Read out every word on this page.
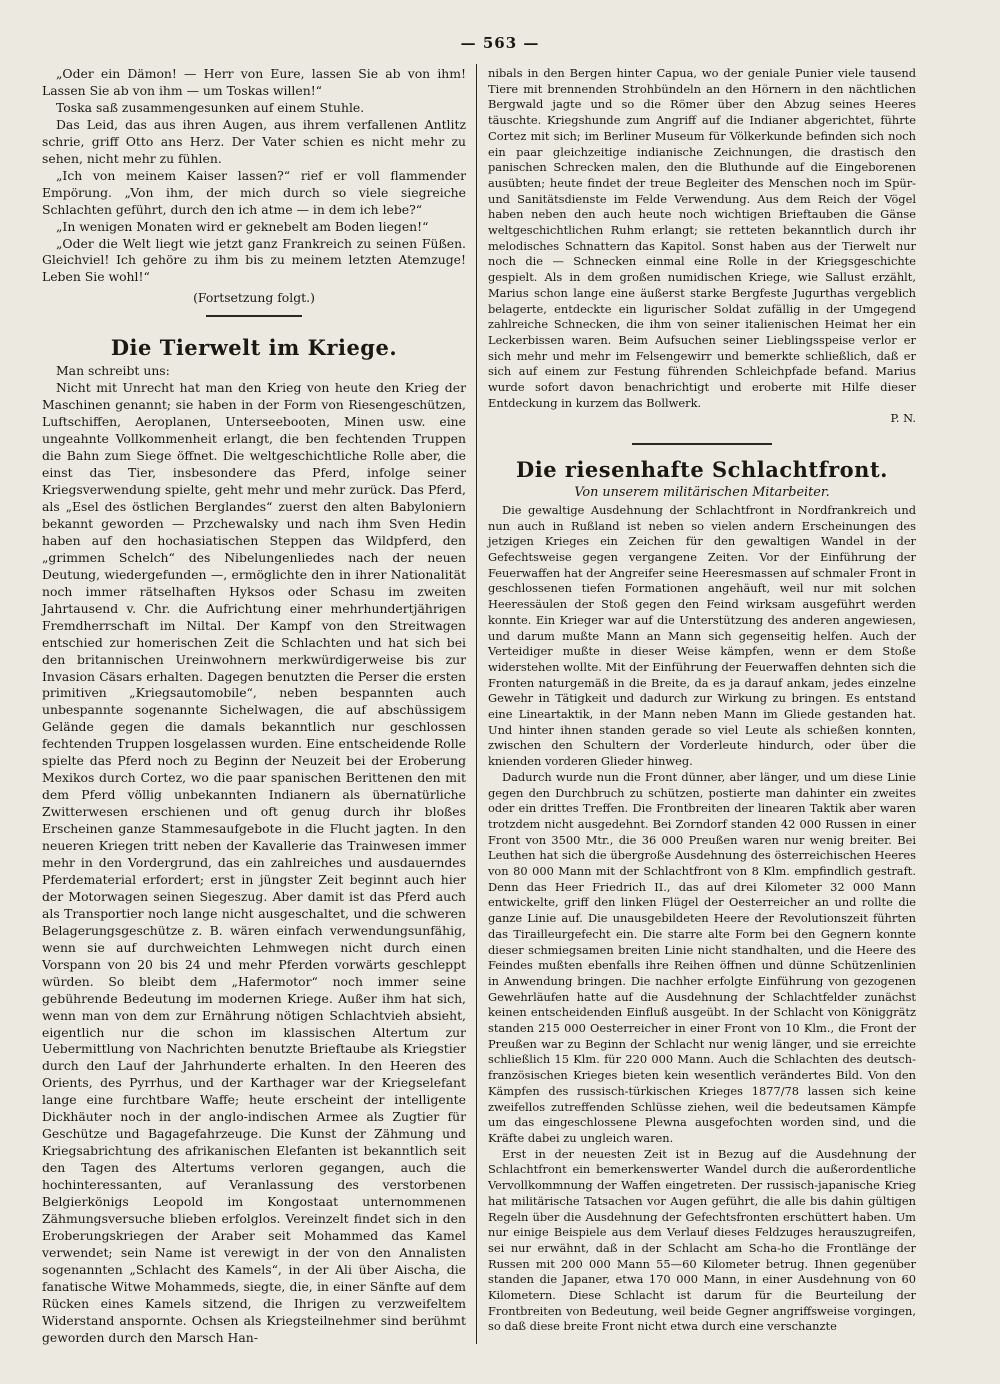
— 563 —

„Oder ein Dämon! — Herr von Eure, lassen Sie ab von ihm! Lassen Sie ab von ihm — um Toskas willen!“

Toska saß zusammengesunken auf einem Stuhle.

Das Leid, das aus ihren Augen, aus ihrem verfallenen Antlitz schrie, griff Otto ans Herz. Der Vater schien es nicht mehr zu sehen, nicht mehr zu fühlen.

„Ich von meinem Kaiser lassen?“ rief er voll flammender Empörung. „Von ihm, der mich durch so viele siegreiche Schlachten geführt, durch den ich atme — in dem ich lebe?“

„In wenigen Monaten wird er geknebelt am Boden liegen!“

„Oder die Welt liegt wie jetzt ganz Frankreich zu seinen Füßen. Gleichviel! Ich gehöre zu ihm bis zu meinem letzten Atemzuge! Leben Sie wohl!“

(Fortsetzung folgt.)

Die Tierwelt im Kriege.

Man schreibt uns:

Nicht mit Unrecht hat man den Krieg von heute den Krieg der Maschinen genannt; sie haben in der Form von Riesengeschützen, Luftschiffen, Aeroplanen, Unterseebooten, Minen usw. eine ungeahnte Vollkommenheit erlangt, die ben fechtenden Truppen die Bahn zum Siege öffnet. Die weltgeschichtliche Rolle aber, die einst das Tier, insbesondere das Pferd, infolge seiner Kriegsverwendung spielte, geht mehr und mehr zurück. Das Pferd, als „Esel des östlichen Berglandes“ zuerst den alten Babyloniern bekannt geworden — Przchewalsky und nach ihm Sven Hedin haben auf den hochasiatischen Steppen das Wildpferd, den „grimmen Schelch“ des Nibelungenliedes nach der neuen Deutung, wiedergefunden —, ermöglichte den in ihrer Nationalität noch immer rätselhaften Hyksos oder Schasu im zweiten Jahrtausend v. Chr. die Aufrichtung einer mehrhundertjährigen Fremdherrschaft im Niltal. Der Kampf von den Streitwagen entschied zur homerischen Zeit die Schlachten und hat sich bei den britannischen Ureinwohnern merkwürdigerweise bis zur Invasion Cäsars erhalten. Dagegen benutzten die Perser die ersten primitiven „Kriegsautomobile“, neben bespannten auch unbespannte sogenannte Sichelwagen, die auf abschüssigem Gelände gegen die damals bekanntlich nur geschlossen fechtenden Truppen losgelassen wurden. Eine entscheidende Rolle spielte das Pferd noch zu Beginn der Neuzeit bei der Eroberung Mexikos durch Cortez, wo die paar spanischen Berittenen den mit dem Pferd völlig unbekannten Indianern als übernatürliche Zwitterwesen erschienen und oft genug durch ihr bloßes Erscheinen ganze Stammesaufgebote in die Flucht jagten. In den neueren Kriegen tritt neben der Kavallerie das Trainwesen immer mehr in den Vordergrund, das ein zahlreiches und ausdauerndes Pferdematerial erfordert; erst in jüngster Zeit beginnt auch hier der Motorwagen seinen Siegeszug. Aber damit ist das Pferd auch als Transportier noch lange nicht ausgeschaltet, und die schweren Belagerungsgeschütze z. B. wären einfach verwendungsunfähig, wenn sie auf durchweichten Lehmwegen nicht durch einen Vorspann von 20 bis 24 und mehr Pferden vorwärts geschleppt würden. So bleibt dem „Hafermotor“ noch immer seine gebührende Bedeutung im modernen Kriege. Außer ihm hat sich, wenn man von dem zur Ernährung nötigen Schlachtvieh absieht, eigentlich nur die schon im klassischen Altertum zur Uebermittlung von Nachrichten benutzte Brieftaube als Kriegstier durch den Lauf der Jahrhunderte erhalten. In den Heeren des Orients, des Pyrrhus, und der Karthager war der Kriegselefant lange eine furchtbare Waffe; heute erscheint der intelligente Dickhäuter noch in der anglo-indischen Armee als Zugtier für Geschütze und Bagagefahrzeuge. Die Kunst der Zähmung und Kriegsabrichtung des afrikanischen Elefanten ist bekanntlich seit den Tagen des Altertums verloren gegangen, auch die hochinteressanten, auf Veranlassung des verstorbenen Belgierkönigs Leopold im Kongostaat unternommenen Zähmungsversuche blieben erfolglos. Vereinzelt findet sich in den Eroberungskriegen der Araber seit Mohammed das Kamel verwendet; sein Name ist verewigt in der von den Annalisten sogenannten „Schlacht des Kamels“, in der Ali über Aischa, die fanatische Witwe Mohammeds, siegte, die, in einer Sänfte auf dem Rücken eines Kamels sitzend, die Ihrigen zu verzweifeltem Widerstand anspornte. Ochsen als Kriegsteilnehmer sind berühmt geworden durch den Marsch Han-

nibals in den Bergen hinter Capua, wo der geniale Punier viele tausend Tiere mit brennenden Strohbündeln an den Hörnern in den nächtlichen Bergwald jagte und so die Römer über den Abzug seines Heeres täuschte. Kriegshunde zum Angriff auf die Indianer abgerichtet, führte Cortez mit sich; im Berliner Museum für Völkerkunde befinden sich noch ein paar gleichzeitige indianische Zeichnungen, die drastisch den panischen Schrecken malen, den die Bluthunde auf die Eingeborenen ausübten; heute findet der treue Begleiter des Menschen noch im Spür- und Sanitätsdienste im Felde Verwendung. Aus dem Reich der Vögel haben neben den auch heute noch wichtigen Brieftauben die Gänse weltgeschichtlichen Ruhm erlangt; sie retteten bekanntlich durch ihr melodisches Schnattern das Kapitol. Sonst haben aus der Tierwelt nur noch die — Schnecken einmal eine Rolle in der Kriegsgeschichte gespielt. Als in dem großen numidischen Kriege, wie Sallust erzählt, Marius schon lange eine äußerst starke Bergfeste Jugurthas vergeblich belagerte, entdeckte ein ligurischer Soldat zufällig in der Umgegend zahlreiche Schnecken, die ihm von seiner italienischen Heimat her ein Leckerbissen waren. Beim Aufsuchen seiner Lieblingsspeise verlor er sich mehr und mehr im Felsengewirr und bemerkte schließlich, daß er sich auf einem zur Festung führenden Schleichpfade befand. Marius wurde sofort davon benachrichtigt und eroberte mit Hilfe dieser Entdeckung in kurzem das Bollwerk.

P. N.
Die riesenhafte Schlachtfront.
Von unserem militärischen Mitarbeiter.

Die gewaltige Ausdehnung der Schlachtfront in Nordfrankreich und nun auch in Rußland ist neben so vielen andern Erscheinungen des jetzigen Krieges ein Zeichen für den gewaltigen Wandel in der Gefechtsweise gegen vergangene Zeiten. Vor der Einführung der Feuerwaffen hat der Angreifer seine Heeresmassen auf schmaler Front in geschlossenen tiefen Formationen angehäuft, weil nur mit solchen Heeressäulen der Stoß gegen den Feind wirksam ausgeführt werden konnte. Ein Krieger war auf die Unterstützung des anderen angewiesen, und darum mußte Mann an Mann sich gegenseitig helfen. Auch der Verteidiger mußte in dieser Weise kämpfen, wenn er dem Stoße widerstehen wollte. Mit der Einführung der Feuerwaffen dehnten sich die Fronten naturgemäß in die Breite, da es ja darauf ankam, jedes einzelne Gewehr in Tätigkeit und dadurch zur Wirkung zu bringen. Es entstand eine Lineartaktik, in der Mann neben Mann im Gliede gestanden hat. Und hinter ihnen standen gerade so viel Leute als schießen konnten, zwischen den Schultern der Vorderleute hindurch, oder über die knienden vorderen Glieder hinweg.

Dadurch wurde nun die Front dünner, aber länger, und um diese Linie gegen den Durchbruch zu schützen, postierte man dahinter ein zweites oder ein drittes Treffen. Die Frontbreiten der linearen Taktik aber waren trotzdem nicht ausgedehnt. Bei Zorndorf standen 42 000 Russen in einer Front von 3500 Mtr., die 36 000 Preußen waren nur wenig breiter. Bei Leuthen hat sich die übergroße Ausdehnung des österreichischen Heeres von 80 000 Mann mit der Schlachtfront von 8 Klm. empfindlich gestraft. Denn das Heer Friedrich II., das auf drei Kilometer 32 000 Mann entwickelte, griff den linken Flügel der Oesterreicher an und rollte die ganze Linie auf. Die unausgebildeten Heere der Revolutionszeit führten das Tirailleurgefecht ein. Die starre alte Form bei den Gegnern konnte dieser schmiegsamen breiten Linie nicht standhalten, und die Heere des Feindes mußten ebenfalls ihre Reihen öffnen und dünne Schützenlinien in Anwendung bringen. Die nachher erfolgte Einführung von gezogenen Gewehrläufen hatte auf die Ausdehnung der Schlachtfelder zunächst keinen entscheidenden Einfluß ausgeübt. In der Schlacht von Königgrätz standen 215 000 Oesterreicher in einer Front von 10 Klm., die Front der Preußen war zu Beginn der Schlacht nur wenig länger, und sie erreichte schließlich 15 Klm. für 220 000 Mann. Auch die Schlachten des deutsch-französischen Krieges bieten kein wesentlich verändertes Bild. Von den Kämpfen des russisch-türkischen Krieges 1877/78 lassen sich keine zweifellos zutreffenden Schlüsse ziehen, weil die bedeutsamen Kämpfe um das eingeschlossene Plewna ausgefochten worden sind, und die Kräfte dabei zu ungleich waren.

Erst in der neuesten Zeit ist in Bezug auf die Ausdehnung der Schlachtfront ein bemerkenswerter Wandel durch die außerordentliche Vervollkommnung der Waffen eingetreten. Der russisch-japanische Krieg hat militärische Tatsachen vor Augen geführt, die alle bis dahin gültigen Regeln über die Ausdehnung der Gefechtsfronten erschüttert haben. Um nur einige Beispiele aus dem Verlauf dieses Feldzuges herauszugreifen, sei nur erwähnt, daß in der Schlacht am Scha-ho die Frontlänge der Russen mit 200 000 Mann 55—60 Kilometer betrug. Ihnen gegenüber standen die Japaner, etwa 170 000 Mann, in einer Ausdehnung von 60 Kilometern. Diese Schlacht ist darum für die Beurteilung der Frontbreiten von Bedeutung, weil beide Gegner angriffsweise vorgingen, so daß diese breite Front nicht etwa durch eine verschanzte
